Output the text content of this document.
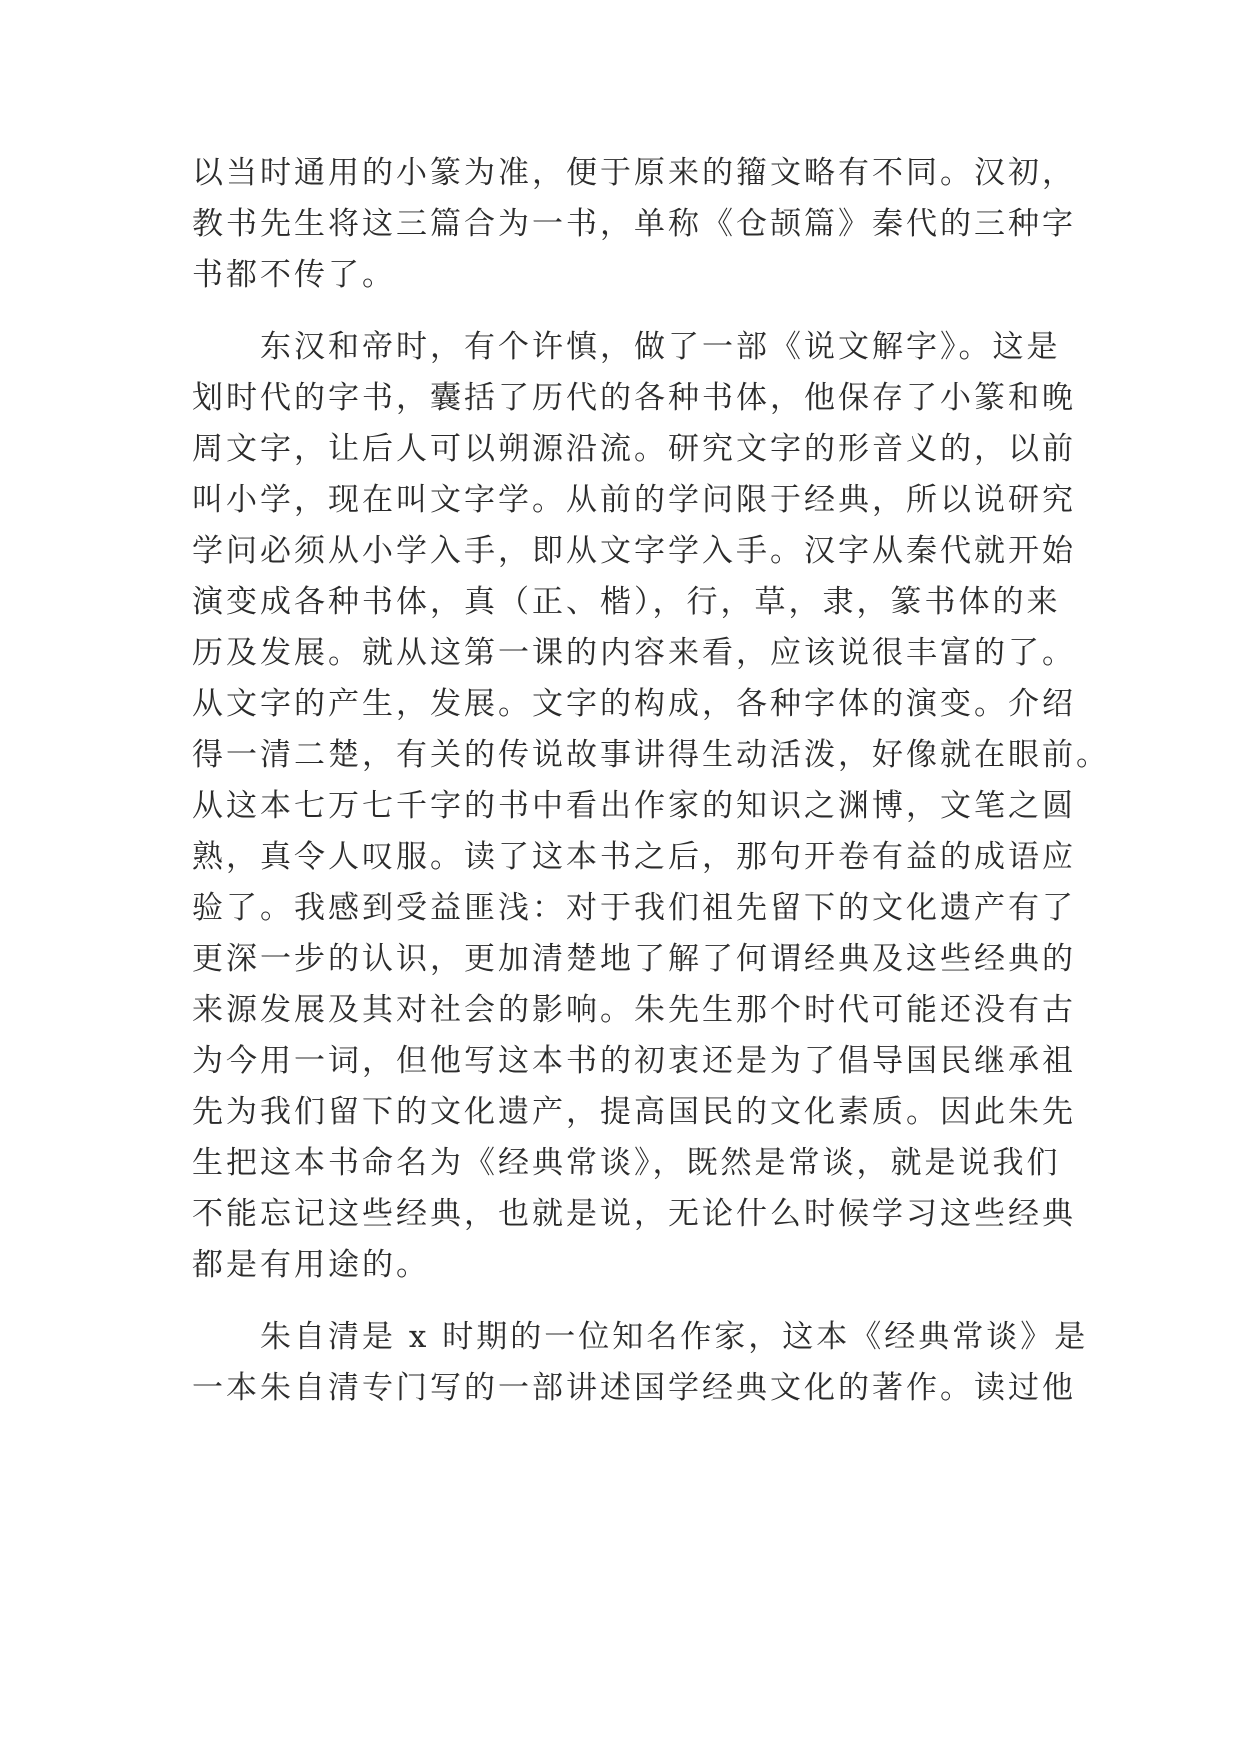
以当时通用的小篆为准，便于原来的籀文略有不同。汉初，
教书先生将这三篇合为一书，单称《仓颉篇》秦代的三种字
书都不传了。
东汉和帝时，有个许慎，做了一部《说文解字》。这是
划时代的字书，囊括了历代的各种书体，他保存了小篆和晚
周文字，让后人可以朔源沿流。研究文字的形音义的，以前
叫小学，现在叫文字学。从前的学问限于经典，所以说研究
学问必须从小学入手，即从文字学入手。汉字从秦代就开始
演变成各种书体，真（正、楷），行，草，隶，篆书体的来
历及发展。就从这第一课的内容来看，应该说很丰富的了。
从文字的产生，发展。文字的构成，各种字体的演变。介绍
得一清二楚，有关的传说故事讲得生动活泼，好像就在眼前。
从这本七万七千字的书中看出作家的知识之渊博，文笔之圆
熟，真令人叹服。读了这本书之后，那句开卷有益的成语应
验了。我感到受益匪浅：对于我们祖先留下的文化遗产有了
更深一步的认识，更加清楚地了解了何谓经典及这些经典的
来源发展及其对社会的影响。朱先生那个时代可能还没有古
为今用一词，但他写这本书的初衷还是为了倡导国民继承祖
先为我们留下的文化遗产，提高国民的文化素质。因此朱先
生把这本书命名为《经典常谈》，既然是常谈，就是说我们
不能忘记这些经典，也就是说，无论什么时候学习这些经典
都是有用途的。
朱自清是 x 时期的一位知名作家，这本《经典常谈》是
一本朱自清专门写的一部讲述国学经典文化的著作。读过他
